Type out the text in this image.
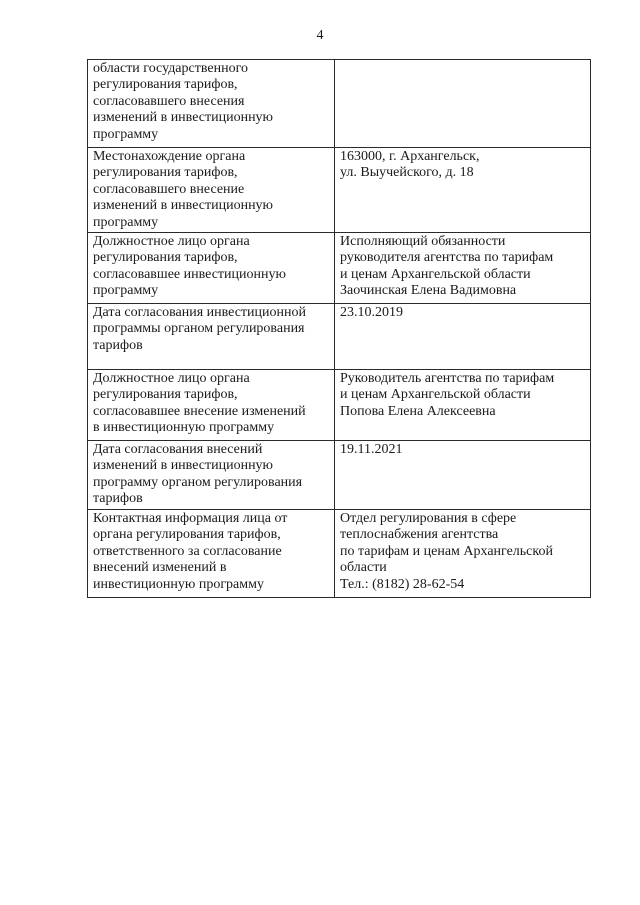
4
области государственного
регулирования тарифов,
согласовавшего внесения
изменений в инвестиционную
программу	

Местонахождение органа
регулирования тарифов,
согласовавшего внесение
изменений в инвестиционную
программу	163000, г. Архангельск,
ул. Выучейского, д. 18

Должностное лицо органа
регулирования тарифов,
согласовавшее инвестиционную
программу	Исполняющий обязанности
руководителя агентства по тарифам
и ценам Архангельской области
Заочинская Елена Вадимовна

Дата согласования инвестиционной
программы органом регулирования
тарифов	23.10.2019

Должностное лицо органа
регулирования тарифов,
согласовавшее внесение изменений
в инвестиционную программу	Руководитель агентства по тарифам
и ценам Архангельской области
Попова Елена Алексеевна

Дата согласования внесений
изменений в инвестиционную
программу органом регулирования
тарифов	19.11.2021

Контактная информация лица от
органа регулирования тарифов,
ответственного за согласование
внесений изменений в
инвестиционную программу	Отдел регулирования в сфере
теплоснабжения агентства
по тарифам и ценам Архангельской
области
Тел.: (8182) 28-62-54
